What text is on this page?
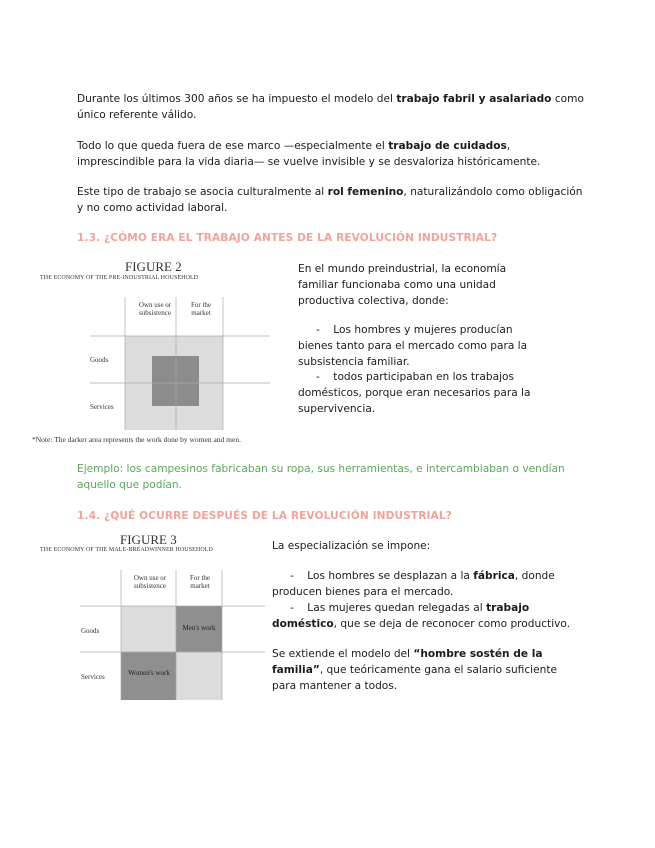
Durante los últimos 300 años se ha impuesto el modelo del trabajo fabril y asalariado como único referente válido.

Todo lo que queda fuera de ese marco —especialmente el trabajo de cuidados, imprescindible para la vida diaria— se vuelve invisible y se desvaloriza históricamente.

Este tipo de trabajo se asocia culturalmente al rol femenino, naturalizándolo como obligación y no como actividad laboral.

1.3. ¿CÓMO ERA EL TRABAJO ANTES DE LA REVOLUCIÓN INDUSTRIAL?

FIGURE 2
THE ECONOMY OF THE PRE-INDUSTRIAL HOUSEHOLD
Own use or subsistence
For the market
Goods
Services
*Note: The darker area represents the work done by women and men.
En el mundo preindustrial, la economía familiar funcionaba como una unidad productiva colectiva, donde:
-    Los hombres y mujeres producían bienes tanto para el mercado como para la subsistencia familiar.
-    todos participaban en los trabajos domésticos, porque eran necesarios para la supervivencia.

Ejemplo: los campesinos fabricaban su ropa, sus herramientas, e intercambiaban o vendían aquello que podían.

1.4. ¿QUÉ OCURRE DESPUÉS DE LA REVOLUCIÓN INDUSTRIAL?

FIGURE 3
THE ECONOMY OF THE MALE-BREADWINNER HOUSEHOLD
Own use or subsistence
For the market
Goods
Services
Men's work
Women's work
La especialización se impone:
-    Los hombres se desplazan a la fábrica, donde producen bienes para el mercado.
-    Las mujeres quedan relegadas al trabajo doméstico, que se deja de reconocer como productivo.
Se extiende el modelo del “hombre sostén de la familia”, que teóricamente gana el salario suficiente para mantener a todos.
